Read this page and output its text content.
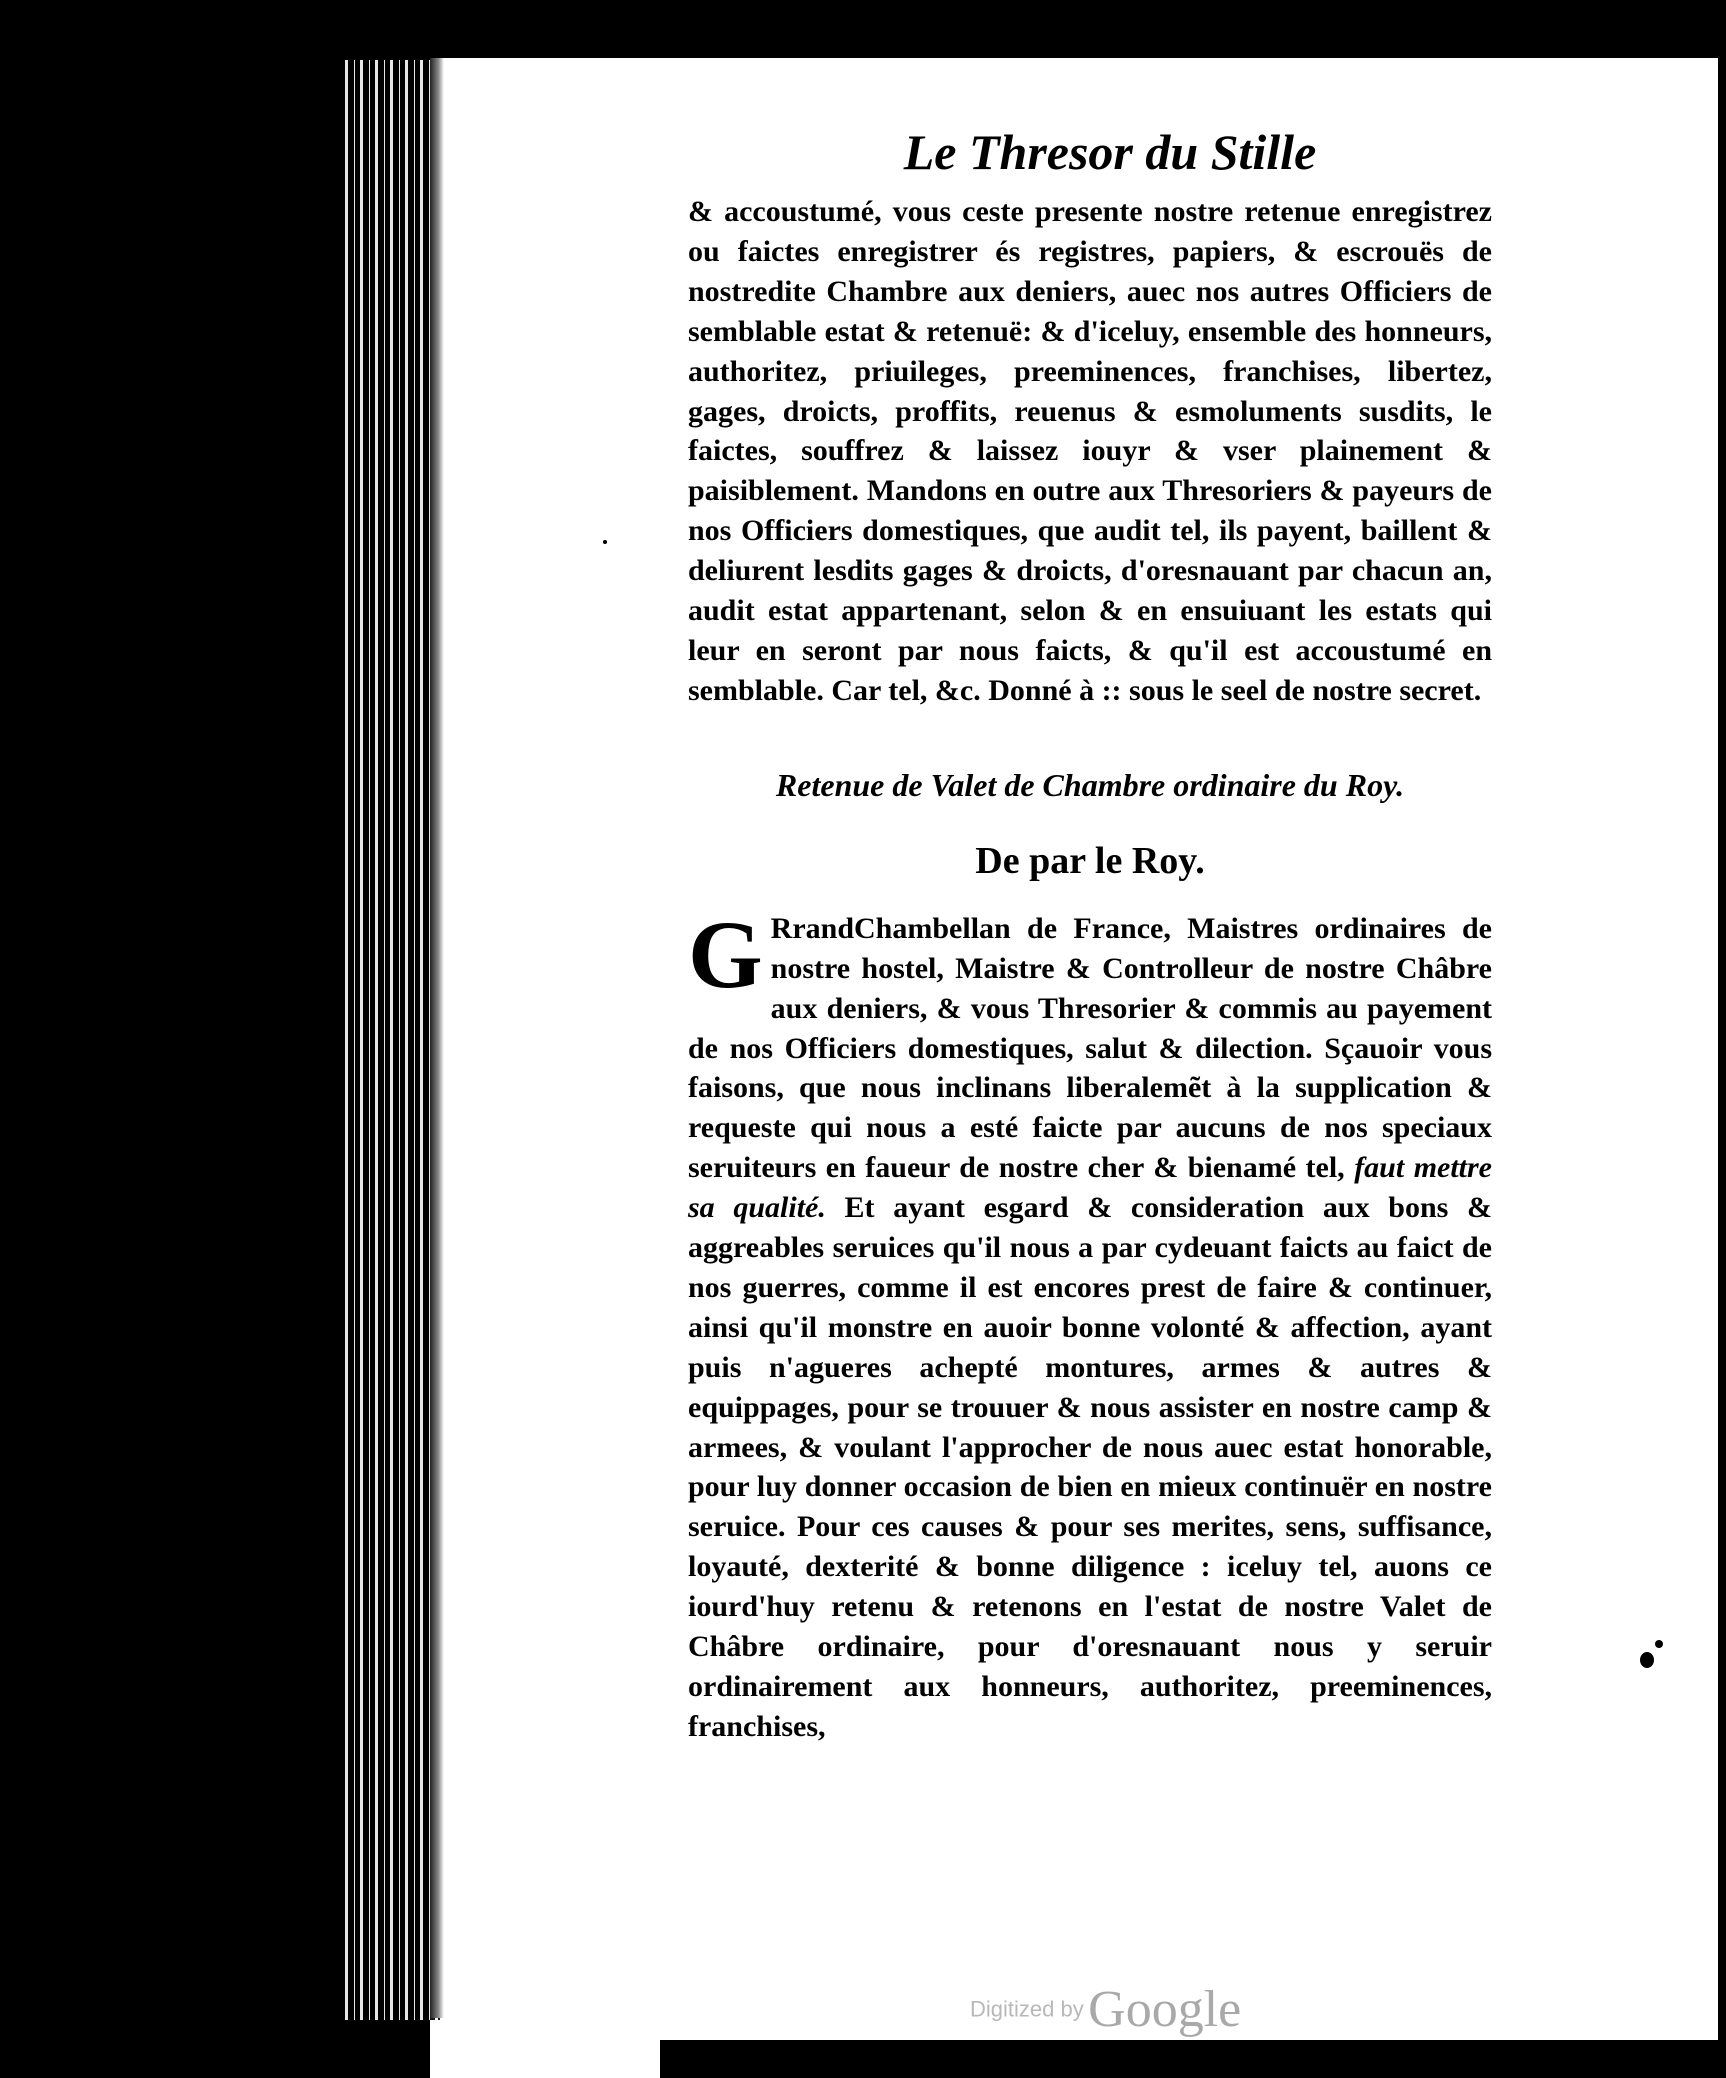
Le Thresor du Stille

& accoustumé, vous ceste presente nostre retenue enregistrez ou faictes enregistrer és registres, papiers, & escrouës de nostredite Chambre aux deniers, auec nos autres Officiers de semblable estat & retenuë: & d'iceluy, ensemble des honneurs, authoritez, priuileges, preeminences, franchises, libertez, gages, droicts, proffits, reuenus & esmoluments susdits, le faictes, souffrez & laissez iouyr & vser plainement & paisiblement. Mandons en outre aux Thresoriers & payeurs de nos Officiers domestiques, que audit tel, ils payent, baillent & deliurent lesdits gages & droicts, d'oresnauant par chacun an, audit estat appartenant, selon & en ensuiuant les estats qui leur en seront par nous faicts, & qu'il est accoustumé en semblable. Car tel, &c. Donné à :: sous le seel de nostre secret.

Retenue de Valet de Chambre ordinaire du Roy.
De par le Roy.
G RrandChambellan de France, Maistres ordinaires de nostre hostel, Maistre & Controlleur de nostre Châbre aux deniers, & vous Thresorier & commis au payement de nos Officiers domestiques, salut & dilection. Sçauoir vous faisons, que nous inclinans liberalemẽt à la supplication & requeste qui nous a esté faicte par aucuns de nos speciaux seruiteurs en faueur de nostre cher & bienamé tel, faut mettre sa qualité. Et ayant esgard & consideration aux bons & aggreables seruices qu'il nous a par cydeuant faicts au faict de nos guerres, comme il est encores prest de faire & continuer, ainsi qu'il monstre en auoir bonne volonté & affection, ayant puis n'agueres achepté montures, armes & autres & equippages, pour se trouuer & nous assister en nostre camp & armees, & voulant l'approcher de nous auec estat honorable, pour luy donner occasion de bien en mieux continuër en nostre seruice. Pour ces causes & pour ses merites, sens, suffisance, loyauté, dexterité & bonne diligence : iceluy tel, auons ce iourd'huy retenu & retenons en l'estat de nostre Valet de Châbre ordinaire, pour d'oresnauant nous y seruir ordinairement aux honneurs, authoritez, preeminences, franchises,

Digitized by Google
